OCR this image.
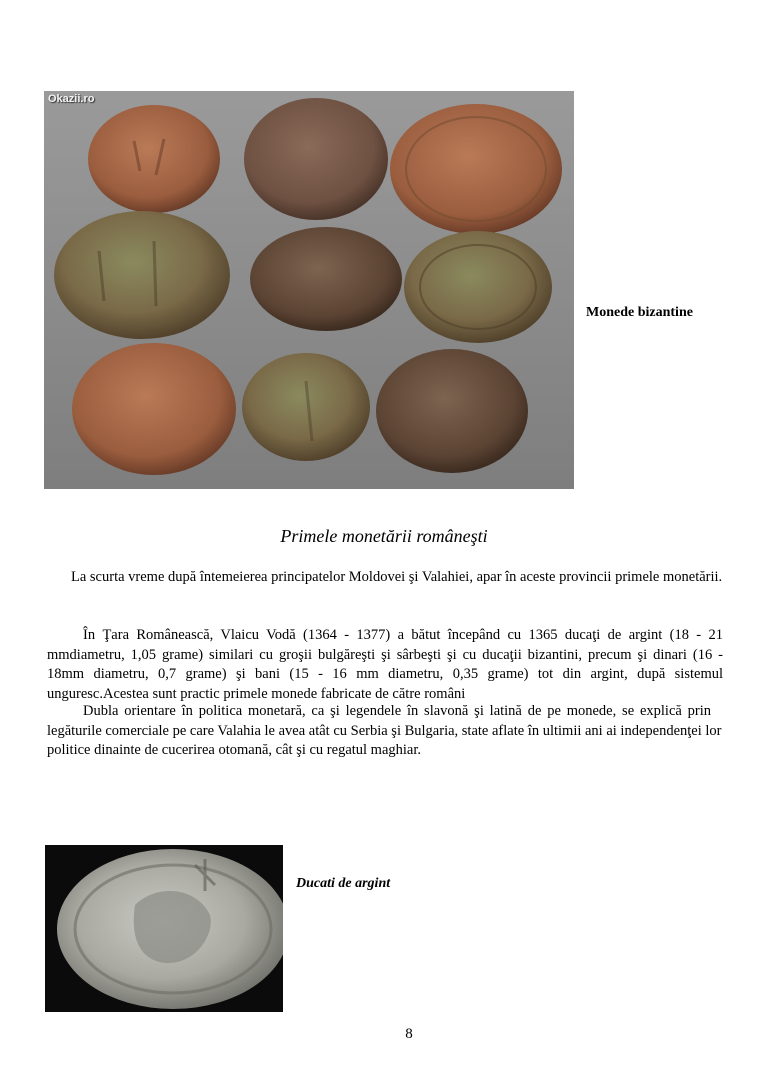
Okazii.ro
Monede bizantine
Primele monetării româneşti

La scurta vreme după întemeierea principatelor Moldovei şi Valahiei, apar în aceste provincii primele monetării.

În Ţara Românească, Vlaicu Vodă (1364 - 1377) a bătut începând cu 1365 ducaţi de argint (18 - 21 mmdiametru, 1,05 grame) similari cu groşii bulgăreşti şi sârbeşti şi cu ducaţii bizantini, precum şi dinari (16 - 18mm diametru, 0,7 grame) şi bani (15 - 16 mm diametru, 0,35 grame) tot din argint, după sistemul unguresc.Acestea sunt practic primele monede fabricate de către români

Dubla orientare în politica monetară, ca şi legendele în slavonă şi latină de pe monede, se explică prin

legăturile comerciale pe care Valahia le avea atât cu Serbia şi Bulgaria, state aflate în ultimii ani ai independenţei lor politice dinainte de cucerirea otomană, cât şi cu regatul maghiar.

Ducati de argint
8
